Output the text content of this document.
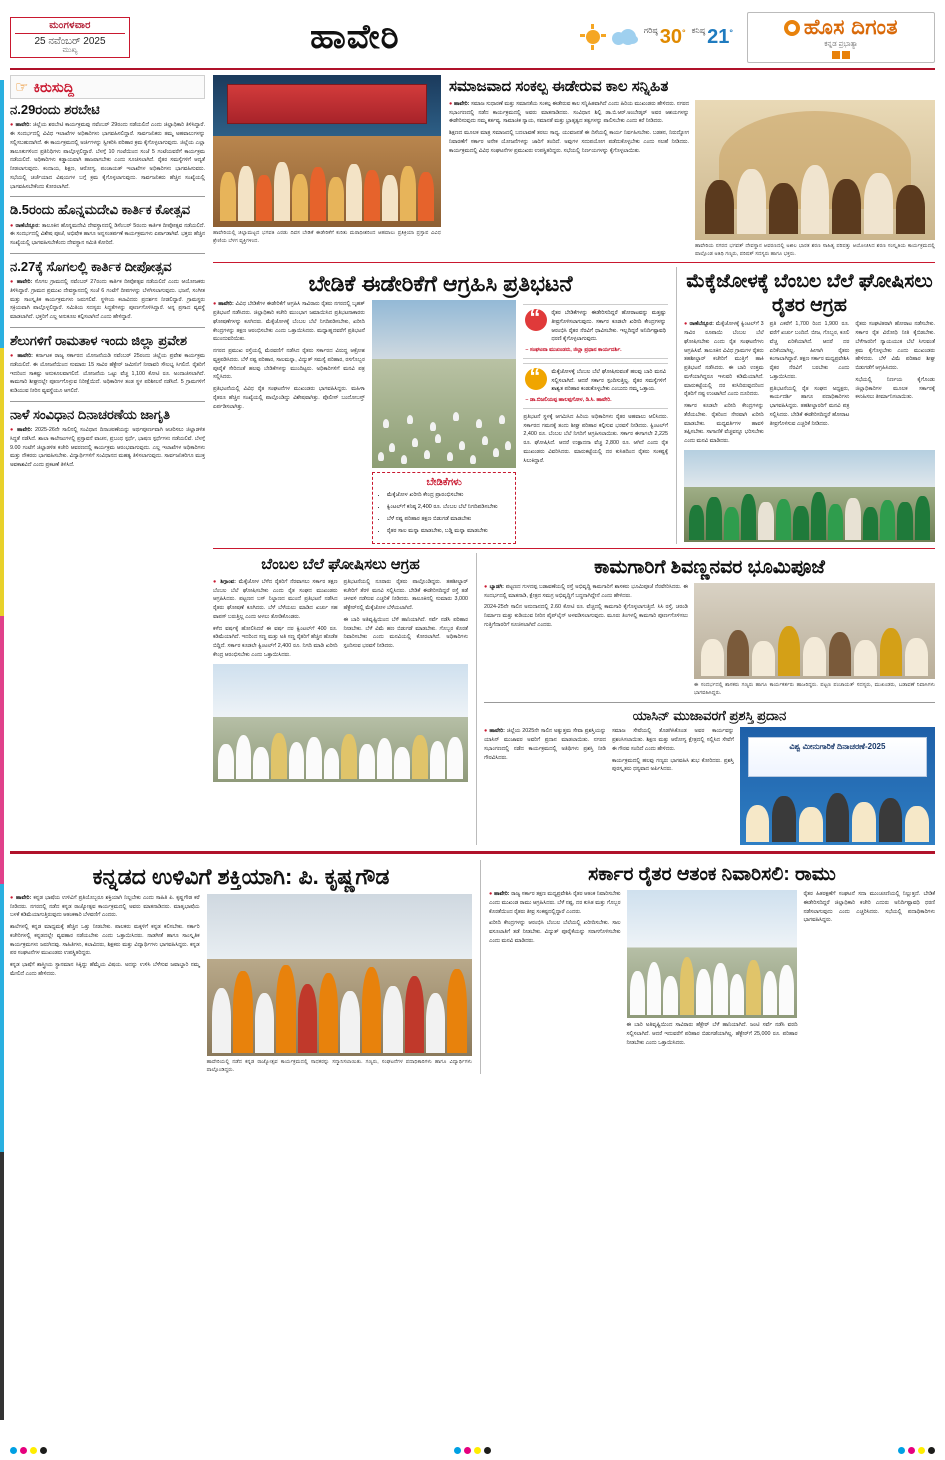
ಮಂಗಳವಾರ
25 ನವೆಂಬರ್ 2025
ಮುಖ್ಯ	ಹಾವೇರಿ	ಗರಿಷ್ಠ 30° ಕನಿಷ್ಠ 21°	ಹೊಸ ದಿಗಂತ
ಕನ್ನಡ ಪ್ರಭಾತ್ಯಾ
☞ ಕಿರುಸುದ್ದಿ
ನ.29ರಂದು ಶರಬೇಟಿ
● ಹಾವೇರಿ: ಜಿಲ್ಲೆಯ ಶರಬೇಟಿ ಕಾರ್ಯಕ್ರಮವು ನವೆಂಬರ್ 29ರಂದು ನಡೆಯಲಿದೆ ಎಂದು ಜಿಲ್ಲಾಧಿಕಾರಿ ತಿಳಿಸಿದ್ದಾರೆ. ಈ ಸಂದರ್ಭದಲ್ಲಿ ವಿವಿಧ ಇಲಾಖೆಗಳ ಅಧಿಕಾರಿಗಳು ಭಾಗವಹಿಸಲಿದ್ದಾರೆ. ಸಾರ್ವಜನಿಕರು ತಮ್ಮ ಅಹವಾಲುಗಳನ್ನು ಸಲ್ಲಿಸಬಹುದಾಗಿದೆ. ಈ ಕಾರ್ಯಕ್ರಮದಲ್ಲಿ ಅರ್ಜಿಗಳನ್ನು ಸ್ವೀಕರಿಸಿ ಪರಿಹಾರ ಕ್ರಮ ಕೈಗೊಳ್ಳಲಾಗುವುದು. ಜಿಲ್ಲೆಯ ಎಲ್ಲಾ ತಾಲೂಕುಗಳಿಂದ ಪ್ರತಿನಿಧಿಗಳು ಪಾಲ್ಗೊಳ್ಳಲಿದ್ದಾರೆ. ಬೆಳಗ್ಗೆ 10 ಗಂಟೆಯಿಂದ ಸಂಜೆ 5 ಗಂಟೆಯವರೆಗೆ ಕಾರ್ಯಕ್ರಮ ನಡೆಯಲಿದೆ. ಅಧಿಕಾರಿಗಳು ಕಡ್ಡಾಯವಾಗಿ ಹಾಜರಾಗಬೇಕು ಎಂದು ಸೂಚಿಸಲಾಗಿದೆ. ರೈತರ ಸಮಸ್ಯೆಗಳಿಗೆ ಆದ್ಯತೆ ನೀಡಲಾಗುವುದು. ಕಂದಾಯ, ಶಿಕ್ಷಣ, ಆರೋಗ್ಯ, ಪಂಚಾಯತ್ ಇಲಾಖೆಗಳ ಅಧಿಕಾರಿಗಳು ಭಾಗವಹಿಸುವರು. ಸಭೆಯಲ್ಲಿ ಚರ್ಚೆಯಾದ ವಿಷಯಗಳ ಬಗ್ಗೆ ಕ್ರಮ ಕೈಗೊಳ್ಳಲಾಗುವುದು. ಸಾರ್ವಜನಿಕರು ಹೆಚ್ಚಿನ ಸಂಖ್ಯೆಯಲ್ಲಿ ಭಾಗವಹಿಸಬೇಕೆಂದು ಕೋರಲಾಗಿದೆ.
ಡಿ.5ರಂದು ಹೊನ್ನಮದೇವಿ ಕಾರ್ತಿಕ ಕೋತ್ಸವ
● ರಾಣೆಬೆನ್ನೂರ: ತಾಲೂಕಿನ ಹೊನ್ನಮದೇವಿ ದೇವಸ್ಥಾನದಲ್ಲಿ ಡಿಸೆಂಬರ್ 5ರಂದು ಕಾರ್ತಿಕ ದೀಪೋತ್ಸವ ನಡೆಯಲಿದೆ. ಈ ಸಂದರ್ಭದಲ್ಲಿ ವಿಶೇಷ ಪೂಜೆ, ಅಭಿಷೇಕ ಹಾಗೂ ಅನ್ನಸಂತರ್ಪಣೆ ಕಾರ್ಯಕ್ರಮಗಳು ಏರ್ಪಾಡಾಗಿವೆ. ಭಕ್ತರು ಹೆಚ್ಚಿನ ಸಂಖ್ಯೆಯಲ್ಲಿ ಭಾಗವಹಿಸಬೇಕೆಂದು ದೇವಸ್ಥಾನ ಸಮಿತಿ ಕೋರಿದೆ.
ನ.27ಕ್ಕೆ ಸೊಗಲಲ್ಲಿ ಕಾರ್ತಿಕ ದೀಪೋತ್ಸವ
● ಹಾವೇರಿ: ಸೊಗಲ ಗ್ರಾಮದಲ್ಲಿ ನವೆಂಬರ್ 27ರಂದು ಕಾರ್ತಿಕ ದೀಪೋತ್ಸವ ನಡೆಯಲಿದೆ ಎಂದು ಆಯೋಜಕರು ತಿಳಿಸಿದ್ದಾರೆ. ಗ್ರಾಮದ ಪ್ರಮುಖ ದೇವಸ್ಥಾನದಲ್ಲಿ ಸಂಜೆ 6 ಗಂಟೆಗೆ ದೀಪಗಳನ್ನು ಬೆಳಗಿಸಲಾಗುವುದು. ಭಜನೆ, ಸಂಗೀತ ಮತ್ತು ಸಾಂಸ್ಕೃತಿಕ ಕಾರ್ಯಕ್ರಮಗಳು ಜರುಗಲಿವೆ. ಸ್ಥಳೀಯ ಕಲಾವಿದರು ಪ್ರದರ್ಶನ ನೀಡಲಿದ್ದಾರೆ. ಗ್ರಾಮಸ್ಥರು ಸಕ್ರಿಯವಾಗಿ ಪಾಲ್ಗೊಳ್ಳಲಿದ್ದಾರೆ. ಸಮಿತಿಯ ಸದಸ್ಯರು ಸಿದ್ಧತೆಗಳನ್ನು ಪೂರ್ಣಗೊಳಿಸಿದ್ದಾರೆ. ಅನ್ನ ಪ್ರಸಾದ ವ್ಯವಸ್ಥೆ ಮಾಡಲಾಗಿದೆ. ಭಕ್ತರಿಗೆ ಎಲ್ಲ ಅನುಕೂಲ ಕಲ್ಪಿಸಲಾಗಿದೆ ಎಂದು ಹೇಳಿದ್ದಾರೆ.
ಶೆಲುಗಳಿಗೆ ರಾಮತಾಳ ಇಂದು ಜಿಲ್ಲಾ ಪ್ರವೇಶ
● ಹಾವೇರಿ: ಕರ್ನಾಟಕ ರಾಜ್ಯ ಸರ್ಕಾರದ ಯೋಜನೆಯಡಿ ನವೆಂಬರ್ 25ರಂದು ಜಿಲ್ಲೆಯ ಪ್ರವೇಶ ಕಾರ್ಯಕ್ರಮ ನಡೆಯಲಿದೆ. ಈ ಯೋಜನೆಯಿಂದ ಸುಮಾರು 15 ಸಾವಿರ ಹೆಕ್ಟೇರ್ ಜಮೀನಿಗೆ ನೀರಾವರಿ ಸೌಲಭ್ಯ ಸಿಗಲಿದೆ. ರೈತರಿಗೆ ಇದರಿಂದ ಸಾಕಷ್ಟು ಅನುಕೂಲವಾಗಲಿದೆ. ಯೋಜನೆಯ ಒಟ್ಟು ವೆಚ್ಚ 1,100 ಕೋಟಿ ರೂ. ಅಂದಾಜಿಸಲಾಗಿದೆ. ಕಾಮಗಾರಿ ಶೀಘ್ರದಲ್ಲೇ ಪೂರ್ಣಗೊಳ್ಳುವ ನಿರೀಕ್ಷೆಯಿದೆ. ಅಧಿಕಾರಿಗಳ ತಂಡ ಸ್ಥಳ ಪರಿಶೀಲನೆ ನಡೆಸಿದೆ. 5 ಗ್ರಾಮಗಳಿಗೆ ಕುಡಿಯುವ ನೀರಿನ ವ್ಯವಸ್ಥೆಯೂ ಆಗಲಿದೆ.
ನಾಳೆ ಸಂವಿಧಾನ ದಿನಾಚರಣೆಯ ಜಾಗೃತಿ
● ಹಾವೇರಿ: 2025-26ನೇ ಸಾಲಿನಲ್ಲಿ ಸಂವಿಧಾನ ದಿನಾಚರಣೆಯನ್ನು ಅರ್ಥಪೂರ್ಣವಾಗಿ ಆಚರಿಸಲು ಜಿಲ್ಲಾಡಳಿತ ಸಿದ್ಧತೆ ನಡೆಸಿದೆ. ಶಾಲಾ ಕಾಲೇಜುಗಳಲ್ಲಿ ಪ್ರಸ್ತಾವನೆ ವಾಚನ, ಪ್ರಬಂಧ ಸ್ಪರ್ಧೆ, ಭಾಷಣ ಸ್ಪರ್ಧೆಗಳು ನಡೆಯಲಿವೆ. ಬೆಳಗ್ಗೆ 9.00 ಗಂಟೆಗೆ ಜಿಲ್ಲಾಡಳಿತ ಕಚೇರಿ ಆವರಣದಲ್ಲಿ ಕಾರ್ಯಕ್ರಮ ಆರಂಭವಾಗುವುದು. ಎಲ್ಲ ಇಲಾಖೆಗಳ ಅಧಿಕಾರಿಗಳು ಮತ್ತು ನೌಕರರು ಭಾಗವಹಿಸಬೇಕು. ವಿದ್ಯಾರ್ಥಿಗಳಿಗೆ ಸಂವಿಧಾನದ ಮಹತ್ವ ತಿಳಿಸಲಾಗುವುದು. ಸಾರ್ವಜನಿಕರಿಗೂ ಮುಕ್ತ ಅವಕಾಶವಿದೆ ಎಂದು ಪ್ರಕಟಣೆ ತಿಳಿಸಿದೆ.
ಹಾವೇರಿಯಲ್ಲಿ ಜಿಲ್ಲಾಮಟ್ಟದ ಭಗವತಿ ಎರಡು ದಿವಸ ಬೇಡಿಕೆ ಈಡೇರಿಕೆಗೆ ಕುರಿತು ಮಠಾಧೀಶರಿಂದ ಆಹವಾಲು ಪ್ರತಿಕ್ರಿಯಾ ಪ್ರಸ್ತಾಪ ವಿವಿಧ ಶ್ರೇಣಿಯ ಬೆಳಗ ವ್ಯಕ್ತಿಗಳಿಂದ.
ಸಮಾಜವಾದ ಸಂಕಲ್ಪ ಈಡೇರುವ ಕಾಲ ಸನ್ನಿಹಿತ
● ಹಾವೇರಿ: ಸಮಾಜ ಸುಧಾರಣೆ ಮತ್ತು ಸಮಾನತೆಯ ಸಂಕಲ್ಪ ಈಡೇರುವ ಕಾಲ ಸನ್ನಿಹಿತವಾಗಿದೆ ಎಂದು ಹಿರಿಯ ಮುಖಂಡರು ಹೇಳಿದರು. ನಗರದ ಸಭಾಂಗಣದಲ್ಲಿ ನಡೆದ ಕಾರ್ಯಕ್ರಮದಲ್ಲಿ ಅವರು ಮಾತನಾಡಿದರು. ಸಂವಿಧಾನ ಶಿಲ್ಪಿ ಡಾ.ಬಿ.ಆರ್.ಅಂಬೇಡ್ಕರ್ ಅವರ ಆಶಯಗಳನ್ನು ಈಡೇರಿಸುವುದು ನಮ್ಮ ಕರ್ತವ್ಯ. ಸಾಮಾಜಿಕ ನ್ಯಾಯ, ಸಮಾನತೆ ಮತ್ತು ಭ್ರಾತೃತ್ವದ ತತ್ವಗಳನ್ನು ಪಾಲಿಸಬೇಕು ಎಂದು ಕರೆ ನೀಡಿದರು.
ಶಿಕ್ಷಣದ ಮೂಲಕ ಮಾತ್ರ ಸಮಾಜದಲ್ಲಿ ಬದಲಾವಣೆ ತರಲು ಸಾಧ್ಯ. ಯುವಜನತೆ ಈ ದಿಸೆಯಲ್ಲಿ ಕಾರ್ಯ ನಿರ್ವಹಿಸಬೇಕು. ಬಡತನ, ನಿರುದ್ಯೋಗ ನಿವಾರಣೆಗೆ ಸರ್ಕಾರ ಅನೇಕ ಯೋಜನೆಗಳನ್ನು ಜಾರಿಗೆ ತಂದಿದೆ. ಅವುಗಳ ಸದುಪಯೋಗ ಪಡೆದುಕೊಳ್ಳಬೇಕು ಎಂದು ಸಲಹೆ ನೀಡಿದರು. ಕಾರ್ಯಕ್ರಮದಲ್ಲಿ ವಿವಿಧ ಸಂಘಟನೆಗಳ ಪ್ರಮುಖರು ಉಪಸ್ಥಿತರಿದ್ದರು. ಸಭೆಯಲ್ಲಿ ನಿರ್ಣಯಗಳನ್ನು ಕೈಗೊಳ್ಳಲಾಯಿತು.
ಹಾವೇರಿಯ ನಗರದ ಭಗವತ್ ದೇವಸ್ಥಾನ ಆವರಣದಲ್ಲಿ ಅಖಿಲ ಭಾರತ ಶರಣ ಸಾಹಿತ್ಯ ಪರಿಷತ್ತು ಆಯೋಜಿಸಿದ ಶರಣ ಸಂಸ್ಕೃತಿಯ ಕಾರ್ಯಕ್ರಮದಲ್ಲಿ ಪಾಲ್ಗೊಂಡ ಅತಿಥಿ ಗಣ್ಯರು, ಪರಿಷತ್ ಸದಸ್ಯರು ಹಾಗೂ ಭಕ್ತರು.
ಬೇಡಿಕೆ ಈಡೇರಿಕೆಗೆ ಆಗ್ರಹಿಸಿ ಪ್ರತಿಭಟನೆ
● ಹಾವೇರಿ: ವಿವಿಧ ಬೇಡಿಕೆಗಳ ಈಡೇರಿಕೆಗೆ ಆಗ್ರಹಿಸಿ ಸಾವಿರಾರು ರೈತರು ನಗರದಲ್ಲಿ ಬೃಹತ್ ಪ್ರತಿಭಟನೆ ನಡೆಸಿದರು. ಜಿಲ್ಲಾಧಿಕಾರಿ ಕಚೇರಿ ಮುಂಭಾಗ ಜಮಾಯಿಸಿದ ಪ್ರತಿಭಟನಾಕಾರರು ಘೋಷಣೆಗಳನ್ನು ಕೂಗಿದರು. ಮೆಕ್ಕೆಜೋಳಕ್ಕೆ ಬೆಂಬಲ ಬೆಲೆ ನಿಗದಿಪಡಿಸಬೇಕು, ಖರೀದಿ ಕೇಂದ್ರಗಳನ್ನು ತಕ್ಷಣ ಆರಂಭಿಸಬೇಕು ಎಂದು ಒತ್ತಾಯಿಸಿದರು. ಮಧ್ಯಾಹ್ನದವರೆಗೆ ಪ್ರತಿಭಟನೆ ಮುಂದುವರಿಯಿತು.
ನಗರದ ಪ್ರಮುಖ ರಸ್ತೆಯಲ್ಲಿ ಮೆರವಣಿಗೆ ನಡೆಸಿದ ರೈತರು ಸರ್ಕಾರದ ವಿರುದ್ಧ ಆಕ್ರೋಶ ವ್ಯಕ್ತಪಡಿಸಿದರು. ಬೆಳೆ ನಷ್ಟ ಪರಿಹಾರ, ಸಾಲಮನ್ನಾ, ವಿದ್ಯುತ್ ಸಮಸ್ಯೆ ಪರಿಹಾರ, ರಸಗೊಬ್ಬರ ಪೂರೈಕೆ ಸೇರಿದಂತೆ ಹಲವು ಬೇಡಿಕೆಗಳನ್ನು ಮುಂದಿಟ್ಟರು. ಅಧಿಕಾರಿಗಳಿಗೆ ಮನವಿ ಪತ್ರ ಸಲ್ಲಿಸಿದರು.
ಪ್ರತಿಭಟನೆಯಲ್ಲಿ ವಿವಿಧ ರೈತ ಸಂಘಟನೆಗಳ ಮುಖಂಡರು ಭಾಗವಹಿಸಿದ್ದರು. ಮಹಿಳಾ ರೈತರೂ ಹೆಚ್ಚಿನ ಸಂಖ್ಯೆಯಲ್ಲಿ ಪಾಲ್ಗೊಂಡಿದ್ದು ವಿಶೇಷವಾಗಿತ್ತು. ಪೊಲೀಸ್ ಬಂದೋಬಸ್ತ್ ಏರ್ಪಡಿಸಲಾಗಿತ್ತು.
ಬೇಡಿಕೆಗಳು
• ಮೆಕ್ಕೆಜೋಳ ಖರೀದಿ ಕೇಂದ್ರ ಪ್ರಾರಂಭಿಸಬೇಕು
• ಕ್ವಿಂಟಲ್‌ಗೆ ಕನಿಷ್ಠ 2,400 ರೂ. ಬೆಂಬಲ ಬೆಲೆ ನಿಗದಿಪಡಿಸಬೇಕು
• ಬೆಳೆ ನಷ್ಟ ಪರಿಹಾರ ತಕ್ಷಣ ಬಿಡುಗಡೆ ಮಾಡಬೇಕು
• ರೈತರ ಸಾಲ ಮನ್ನಾ ಮಾಡಬೇಕು, ಬಡ್ಡಿ ಮನ್ನಾ ಮಾಡಬೇಕು
“
ರೈತರ ಬೇಡಿಕೆಗಳನ್ನು ಈಡೇರಿಸದಿದ್ದರೆ ಹೋರಾಟವನ್ನು ಮತ್ತಷ್ಟು ತೀವ್ರಗೊಳಿಸಲಾಗುವುದು. ಸರ್ಕಾರ ಕೂಡಲೇ ಖರೀದಿ ಕೇಂದ್ರಗಳನ್ನು ಆರಂಭಿಸಿ ರೈತರ ನೆರವಿಗೆ ಧಾವಿಸಬೇಕು. ಇಲ್ಲದಿದ್ದರೆ ಅನಿರ್ದಿಷ್ಟಾವಧಿ ಧರಣಿ ಕೈಗೊಳ್ಳಲಾಗುವುದು.
– ಸಂಘಟನಾ ಮುಖಂಡರು, ಜಿಲ್ಲಾ ಪ್ರಧಾನ ಕಾರ್ಯದರ್ಶಿ.
“
ಮೆಕ್ಕೆಜೋಳಕ್ಕೆ ಬೆಂಬಲ ಬೆಲೆ ಘೋಷಿಸುವಂತೆ ಹಲವು ಬಾರಿ ಮನವಿ ಸಲ್ಲಿಸಲಾಗಿದೆ. ಆದರೆ ಸರ್ಕಾರ ಸ್ಪಂದಿಸುತ್ತಿಲ್ಲ. ರೈತರ ಸಮಸ್ಯೆಗಳಿಗೆ ಶಾಶ್ವತ ಪರಿಹಾರ ಕಂಡುಕೊಳ್ಳಬೇಕು ಎಂಬುದು ನಮ್ಮ ಒತ್ತಾಯ.
– ಡಾ.ಬಿಜಲಿಯಪ್ಪ ಹಾಲಪ್ಪಗೋಳ, ಡಿ.ಸಿ. ಹಾವೇರಿ.
ಪ್ರತಿಭಟನೆ ಸ್ಥಳಕ್ಕೆ ಆಗಮಿಸಿದ ಹಿರಿಯ ಅಧಿಕಾರಿಗಳು ರೈತರ ಅಹವಾಲು ಆಲಿಸಿದರು. ಸರ್ಕಾರದ ಗಮನಕ್ಕೆ ತಂದು ಶೀಘ್ರ ಪರಿಹಾರ ಕಲ್ಪಿಸುವ ಭರವಸೆ ನೀಡಿದರು. ಕ್ವಿಂಟಲ್‌ಗೆ 2,400 ರೂ. ಬೆಂಬಲ ಬೆಲೆ ನಿಗದಿಗೆ ಆಗ್ರಹಿಸಲಾಯಿತು. ಸರ್ಕಾರ ಈಗಾಗಲೇ 2,225 ರೂ. ಘೋಷಿಸಿದೆ. ಆದರೆ ಉತ್ಪಾದನಾ ವೆಚ್ಚ 2,800 ರೂ. ಆಗಿದೆ ಎಂದು ರೈತ ಮುಖಂಡರು ವಿವರಿಸಿದರು. ಮಾರುಕಟ್ಟೆಯಲ್ಲಿ ದರ ಕುಸಿತದಿಂದ ರೈತರು ಸಂಕಷ್ಟಕ್ಕೆ ಸಿಲುಕಿದ್ದಾರೆ.
ಮೆಕ್ಕೆಜೋಳಕ್ಕೆ ಬೆಂಬಲ ಬೆಲೆ ಘೋಷಿಸಲು ರೈತರ ಆಗ್ರಹ
● ರಾಣೆಬೆನ್ನೂರ: ಮೆಕ್ಕೆಜೋಳಕ್ಕೆ ಕ್ವಿಂಟಲ್‌ಗೆ 3 ಸಾವಿರ ರೂಪಾಯಿ ಬೆಂಬಲ ಬೆಲೆ ಘೋಷಿಸಬೇಕು ಎಂದು ರೈತ ಸಂಘಟನೆಗಳು ಆಗ್ರಹಿಸಿವೆ. ತಾಲೂಕಿನ ವಿವಿಧ ಗ್ರಾಮಗಳ ರೈತರು ತಹಶೀಲ್ದಾರ್ ಕಚೇರಿಗೆ ಮುತ್ತಿಗೆ ಹಾಕಿ ಪ್ರತಿಭಟನೆ ನಡೆಸಿದರು. ಈ ಬಾರಿ ಉತ್ತಮ ಮಳೆಯಾಗಿದ್ದರೂ ಇಳುವರಿ ಕಡಿಮೆಯಾಗಿದೆ. ಮಾರುಕಟ್ಟೆಯಲ್ಲಿ ದರ ಕುಸಿದಿರುವುದರಿಂದ ರೈತರಿಗೆ ನಷ್ಟ ಉಂಟಾಗಿದೆ ಎಂದು ದೂರಿದರು.
ಸರ್ಕಾರ ಕೂಡಲೇ ಖರೀದಿ ಕೇಂದ್ರಗಳನ್ನು ತೆರೆಯಬೇಕು. ರೈತರಿಂದ ನೇರವಾಗಿ ಖರೀದಿ ಮಾಡಬೇಕು. ಮಧ್ಯವರ್ತಿಗಳ ಹಾವಳಿ ತಪ್ಪಿಸಬೇಕು. ಸಾಗಾಣಿಕೆ ವೆಚ್ಚವನ್ನೂ ಭರಿಸಬೇಕು ಎಂದು ಮನವಿ ಮಾಡಿದರು.
ಪ್ರತಿ ಎಕರೆಗೆ 1,700 ರಿಂದ 1,900 ರೂ. ವರೆಗೆ ಖರ್ಚು ಬಂದಿದೆ. ಬೀಜ, ಗೊಬ್ಬರ, ಕೂಲಿ ವೆಚ್ಚ ಏರಿಕೆಯಾಗಿದೆ. ಆದರೆ ದರ ಏರಿಕೆಯಾಗಿಲ್ಲ. ಹೀಗಾಗಿ ರೈತರು ಕಂಗಾಲಾಗಿದ್ದಾರೆ. ತಕ್ಷಣ ಸರ್ಕಾರ ಮಧ್ಯಪ್ರವೇಶಿಸಿ ರೈತರ ನೆರವಿಗೆ ಬರಬೇಕು ಎಂದು ಒತ್ತಾಯಿಸಿದರು.
ಪ್ರತಿಭಟನೆಯಲ್ಲಿ ರೈತ ಸಂಘದ ಅಧ್ಯಕ್ಷರು, ಕಾರ್ಯದರ್ಶಿ ಹಾಗೂ ಪದಾಧಿಕಾರಿಗಳು ಭಾಗವಹಿಸಿದ್ದರು. ತಹಶೀಲ್ದಾರರಿಗೆ ಮನವಿ ಪತ್ರ ಸಲ್ಲಿಸಿದರು. ಬೇಡಿಕೆ ಈಡೇರಿಸದಿದ್ದರೆ ಹೋರಾಟ ತೀವ್ರಗೊಳಿಸುವ ಎಚ್ಚರಿಕೆ ನೀಡಿದರು.
ರೈತರು ಸಂಘಟಿತರಾಗಿ ಹೋರಾಟ ನಡೆಸಬೇಕು. ಸರ್ಕಾರ ರೈತ ವಿರೋಧಿ ನೀತಿ ಕೈಬಿಡಬೇಕು. ಬೆಳೆಗಾರರಿಗೆ ನ್ಯಾಯಯುತ ಬೆಲೆ ಸಿಗುವಂತೆ ಕ್ರಮ ಕೈಗೊಳ್ಳಬೇಕು ಎಂದು ಮುಖಂಡರು ಹೇಳಿದರು. ಬೆಳೆ ವಿಮೆ ಪರಿಹಾರ ಶೀಘ್ರ ಬಿಡುಗಡೆಗೆ ಆಗ್ರಹಿಸಿದರು.
ಸಭೆಯಲ್ಲಿ ನಿರ್ಣಯ ಕೈಗೊಂಡು ಜಿಲ್ಲಾಧಿಕಾರಿಗಳ ಮೂಲಕ ಸರ್ಕಾರಕ್ಕೆ ಕಳುಹಿಸಲು ತೀರ್ಮಾನಿಸಲಾಯಿತು.
ಬೆಂಬಲ ಬೆಲೆ ಘೋಷಿಸಲು ಆಗ್ರಹ
● ಶಿಗ್ಗಾಂವ: ಮೆಕ್ಕೆಜೋಳ ಬೆಳೆದ ರೈತರಿಗೆ ನೆರವಾಗಲು ಸರ್ಕಾರ ತಕ್ಷಣ ಬೆಂಬಲ ಬೆಲೆ ಘೋಷಿಸಬೇಕು ಎಂದು ರೈತ ಸಂಘದ ಮುಖಂಡರು ಆಗ್ರಹಿಸಿದರು. ಪಟ್ಟಣದ ಬಸ್ ನಿಲ್ದಾಣದ ಮುಂದೆ ಪ್ರತಿಭಟನೆ ನಡೆಸಿದ ರೈತರು ಘೋಷಣೆ ಕೂಗಿದರು. ಬೆಳೆ ಬೆಳೆಯಲು ಮಾಡಿದ ಖರ್ಚು ಸಹ ವಾಪಸ್ ಬರುತ್ತಿಲ್ಲ ಎಂದು ಅಳಲು ತೋಡಿಕೊಂಡರು.
ಕಳೆದ ವರ್ಷಕ್ಕೆ ಹೋಲಿಸಿದರೆ ಈ ವರ್ಷ ದರ ಕ್ವಿಂಟಲ್‌ಗೆ 400 ರೂ. ಕಡಿಮೆಯಾಗಿದೆ. ಇದರಿಂದ ಸಣ್ಣ ಮತ್ತು ಅತಿ ಸಣ್ಣ ರೈತರಿಗೆ ಹೆಚ್ಚಿನ ಹೊಡೆತ ಬಿದ್ದಿದೆ. ಸರ್ಕಾರ ಕೂಡಲೇ ಕ್ವಿಂಟಲ್‌ಗೆ 2,400 ರೂ. ನಿಗದಿ ಮಾಡಿ ಖರೀದಿ ಕೇಂದ್ರ ಆರಂಭಿಸಬೇಕು ಎಂದು ಒತ್ತಾಯಿಸಿದರು.
ಪ್ರತಿಭಟನೆಯಲ್ಲಿ ನೂರಾರು ರೈತರು ಪಾಲ್ಗೊಂಡಿದ್ದರು. ತಹಶೀಲ್ದಾರ್ ಕಚೇರಿಗೆ ತೆರಳಿ ಮನವಿ ಸಲ್ಲಿಸಿದರು. ಬೇಡಿಕೆ ಈಡೇರಿಸದಿದ್ದರೆ ರಸ್ತೆ ತಡೆ ಚಳವಳಿ ನಡೆಸುವ ಎಚ್ಚರಿಕೆ ನೀಡಿದರು. ತಾಲೂಕಿನಲ್ಲಿ ಸುಮಾರು 3,000 ಹೆಕ್ಟೇರ್‌ನಲ್ಲಿ ಮೆಕ್ಕೆಜೋಳ ಬೆಳೆಯಲಾಗಿದೆ.
ಈ ಬಾರಿ ಅತಿವೃಷ್ಟಿಯಿಂದ ಬೆಳೆ ಹಾನಿಯಾಗಿದೆ. ಸರ್ವೆ ನಡೆಸಿ ಪರಿಹಾರ ನೀಡಬೇಕು. ಬೆಳೆ ವಿಮೆ ಹಣ ಬಿಡುಗಡೆ ಮಾಡಬೇಕು. ಗೊಬ್ಬರ ಕೊರತೆ ನಿವಾರಿಸಬೇಕು ಎಂದು ಮನವಿಯಲ್ಲಿ ಕೋರಲಾಗಿದೆ. ಅಧಿಕಾರಿಗಳು ಸ್ಪಂದಿಸುವ ಭರವಸೆ ನೀಡಿದರು.
ಕಾಮಗಾರಿಗೆ ಶಿವಣ್ಣನವರ ಭೂಮಿಪೂಜೆ
● ಬ್ಯಾಡಗಿ: ಪಟ್ಟಣದ ಗುಳದಪ್ಪ ಬಡಾವಣೆಯಲ್ಲಿ ರಸ್ತೆ ಅಭಿವೃದ್ಧಿ ಕಾಮಗಾರಿಗೆ ಶಾಸಕರು ಭೂಮಿಪೂಜೆ ನೆರವೇರಿಸಿದರು. ಈ ಸಂದರ್ಭದಲ್ಲಿ ಮಾತನಾಡಿ, ಕ್ಷೇತ್ರದ ಸಮಗ್ರ ಅಭಿವೃದ್ಧಿಗೆ ಬದ್ಧನಾಗಿದ್ದೇನೆ ಎಂದು ಹೇಳಿದರು.
2024-25ನೇ ಸಾಲಿನ ಅನುದಾನದಲ್ಲಿ 2.60 ಕೋಟಿ ರೂ. ವೆಚ್ಚದಲ್ಲಿ ಕಾಮಗಾರಿ ಕೈಗೊಳ್ಳಲಾಗುತ್ತಿದೆ. ಸಿಸಿ ರಸ್ತೆ, ಚರಂಡಿ ನಿರ್ಮಾಣ ಮತ್ತು ಕುಡಿಯುವ ನೀರಿನ ಪೈಪ್‌ಲೈನ್ ಅಳವಡಿಸಲಾಗುವುದು. ಮೂರು ತಿಂಗಳಲ್ಲಿ ಕಾಮಗಾರಿ ಪೂರ್ಣಗೊಳಿಸಲು ಗುತ್ತಿಗೆದಾರರಿಗೆ ಸೂಚಿಸಲಾಗಿದೆ ಎಂದರು.
ಈ ಸಂದರ್ಭದಲ್ಲಿ ಶಾಸಕರು ಗಣ್ಯರು ಹಾಗೂ ಕಾರ್ಯಕರ್ತರು ಹಾಜರಿದ್ದರು. ಪಟ್ಟಣ ಪಂಚಾಯತ್ ಸದಸ್ಯರು, ಮುಖಂಡರು, ಬಡಾವಣೆ ನಿವಾಸಿಗಳು ಭಾಗವಹಿಸಿದ್ದರು.
ಯಾಸಿನ್ ಮುಜಾವರಗೆ ಪ್ರಶಸ್ತಿ ಪ್ರದಾನ
● ಹಾವೇರಿ: ಜಿಲ್ಲೆಯ 2025ನೇ ಸಾಲಿನ ಅತ್ಯುತ್ತಮ ಸೇವಾ ಪ್ರಶಸ್ತಿಯನ್ನು ಯಾಸಿನ್ ಮುಜಾವರ ಅವರಿಗೆ ಪ್ರದಾನ ಮಾಡಲಾಯಿತು. ನಗರದ ಸಭಾಂಗಣದಲ್ಲಿ ನಡೆದ ಕಾರ್ಯಕ್ರಮದಲ್ಲಿ ಅತಿಥಿಗಳು ಪ್ರಶಸ್ತಿ ನೀಡಿ ಗೌರವಿಸಿದರು.
ಸಮಾಜ ಸೇವೆಯಲ್ಲಿ ತೊಡಗಿಸಿಕೊಂಡ ಅವರ ಕಾರ್ಯವನ್ನು ಪ್ರಶಂಸಿಸಲಾಯಿತು. ಶಿಕ್ಷಣ ಮತ್ತು ಆರೋಗ್ಯ ಕ್ಷೇತ್ರದಲ್ಲಿ ಸಲ್ಲಿಸಿದ ಸೇವೆಗೆ ಈ ಗೌರವ ಸಂದಿದೆ ಎಂದು ಹೇಳಿದರು.
ಕಾರ್ಯಕ್ರಮದಲ್ಲಿ ಹಲವು ಗಣ್ಯರು ಭಾಗವಹಿಸಿ ಶುಭ ಕೋರಿದರು. ಪ್ರಶಸ್ತಿ ಪುರಸ್ಕೃತರು ಧನ್ಯವಾದ ಅರ್ಪಿಸಿದರು.
ವಿಶ್ವ ಮೀನುಗಾರಿಕೆ ದಿನಾಚರಣೆ-2025
ಕನ್ನಡದ ಉಳಿವಿಗೆ ಶಕ್ತಿಯಾಗಿ: ಪಿ. ಕೃಷ್ಣಗೌಡ
● ಹಾವೇರಿ: ಕನ್ನಡ ಭಾಷೆಯ ಉಳಿವಿಗೆ ಪ್ರತಿಯೊಬ್ಬರೂ ಶಕ್ತಿಯಾಗಿ ನಿಲ್ಲಬೇಕು ಎಂದು ಸಾಹಿತಿ ಪಿ. ಕೃಷ್ಣಗೌಡ ಕರೆ ನೀಡಿದರು. ನಗರದಲ್ಲಿ ನಡೆದ ಕನ್ನಡ ರಾಜ್ಯೋತ್ಸವ ಕಾರ್ಯಕ್ರಮದಲ್ಲಿ ಅವರು ಮಾತನಾಡಿದರು. ಮಾತೃಭಾಷೆಯ ಬಳಕೆ ಕಡಿಮೆಯಾಗುತ್ತಿರುವುದು ಆತಂಕಕಾರಿ ಬೆಳವಣಿಗೆ ಎಂದರು.
ಶಾಲೆಗಳಲ್ಲಿ ಕನ್ನಡ ಮಾಧ್ಯಮಕ್ಕೆ ಹೆಚ್ಚಿನ ಒತ್ತು ನೀಡಬೇಕು. ಪಾಲಕರು ಮಕ್ಕಳಿಗೆ ಕನ್ನಡ ಕಲಿಸಬೇಕು. ಸರ್ಕಾರಿ ಕಚೇರಿಗಳಲ್ಲಿ ಕನ್ನಡದಲ್ಲೇ ವ್ಯವಹಾರ ನಡೆಯಬೇಕು ಎಂದು ಒತ್ತಾಯಿಸಿದರು. ನಾಡಗೀತೆ ಹಾಗೂ ಸಾಂಸ್ಕೃತಿಕ ಕಾರ್ಯಕ್ರಮಗಳು ಜರುಗಿದವು. ಸಾಹಿತಿಗಳು, ಕಲಾವಿದರು, ಶಿಕ್ಷಕರು ಮತ್ತು ವಿದ್ಯಾರ್ಥಿಗಳು ಭಾಗವಹಿಸಿದ್ದರು. ಕನ್ನಡ ಪರ ಸಂಘಟನೆಗಳ ಮುಖಂಡರು ಉಪಸ್ಥಿತರಿದ್ದರು.
ಕನ್ನಡ ಭಾಷೆಗೆ ಶಾಸ್ತ್ರೀಯ ಸ್ಥಾನಮಾನ ಸಿಕ್ಕಿದ್ದು ಹೆಮ್ಮೆಯ ವಿಷಯ. ಅದನ್ನು ಉಳಿಸಿ ಬೆಳೆಸುವ ಜವಾಬ್ದಾರಿ ನಮ್ಮ ಮೇಲಿದೆ ಎಂದು ಹೇಳಿದರು.
ಹಾವೇರಿಯಲ್ಲಿ ನಡೆದ ಕನ್ನಡ ರಾಜ್ಯೋತ್ಸವ ಕಾರ್ಯಕ್ರಮದಲ್ಲಿ ಸಾಧಕರನ್ನು ಸನ್ಮಾನಿಸಲಾಯಿತು. ಗಣ್ಯರು, ಸಂಘಟನೆಗಳ ಪದಾಧಿಕಾರಿಗಳು ಹಾಗೂ ವಿದ್ಯಾರ್ಥಿಗಳು ಪಾಲ್ಗೊಂಡಿದ್ದರು.
ಸರ್ಕಾರ ರೈತರ ಆತಂಕ ನಿವಾರಿಸಲಿ: ರಾಮು
● ಹಾವೇರಿ: ರಾಜ್ಯ ಸರ್ಕಾರ ತಕ್ಷಣ ಮಧ್ಯಪ್ರವೇಶಿಸಿ ರೈತರ ಆತಂಕ ನಿವಾರಿಸಬೇಕು ಎಂದು ಮುಖಂಡ ರಾಮು ಆಗ್ರಹಿಸಿದರು. ಬೆಳೆ ನಷ್ಟ, ದರ ಕುಸಿತ ಮತ್ತು ಗೊಬ್ಬರ ಕೊರತೆಯಿಂದ ರೈತರು ತೀವ್ರ ಸಂಕಷ್ಟದಲ್ಲಿದ್ದಾರೆ ಎಂದರು.
ಖರೀದಿ ಕೇಂದ್ರಗಳನ್ನು ಆರಂಭಿಸಿ ಬೆಂಬಲ ಬೆಲೆಯಲ್ಲಿ ಖರೀದಿಸಬೇಕು. ಸಾಲ ವಸೂಲಾತಿಗೆ ತಡೆ ನೀಡಬೇಕು. ವಿದ್ಯುತ್ ಪೂರೈಕೆಯನ್ನು ಸರಾಗಗೊಳಿಸಬೇಕು ಎಂದು ಮನವಿ ಮಾಡಿದರು.
ಈ ಬಾರಿ ಅತಿವೃಷ್ಟಿಯಿಂದ ಸಾವಿರಾರು ಹೆಕ್ಟೇರ್ ಬೆಳೆ ಹಾನಿಯಾಗಿದೆ. ಜಂಟಿ ಸರ್ವೆ ನಡೆಸಿ ವರದಿ ಸಲ್ಲಿಸಲಾಗಿದೆ. ಆದರೆ ಇದುವರೆಗೆ ಪರಿಹಾರ ಬಿಡುಗಡೆಯಾಗಿಲ್ಲ. ಹೆಕ್ಟೇರ್‌ಗೆ 25,000 ರೂ. ಪರಿಹಾರ ನೀಡಬೇಕು ಎಂದು ಒತ್ತಾಯಿಸಿದರು.
ರೈತರ ಹಿತರಕ್ಷಣೆಗೆ ಸಂಘಟನೆ ಸದಾ ಮುಂಚೂಣಿಯಲ್ಲಿ ನಿಲ್ಲುತ್ತದೆ. ಬೇಡಿಕೆ ಈಡೇರಿಸದಿದ್ದರೆ ಜಿಲ್ಲಾಧಿಕಾರಿ ಕಚೇರಿ ಎದುರು ಅನಿರ್ದಿಷ್ಟಾವಧಿ ಧರಣಿ ನಡೆಸಲಾಗುವುದು ಎಂದು ಎಚ್ಚರಿಸಿದರು. ಸಭೆಯಲ್ಲಿ ಪದಾಧಿಕಾರಿಗಳು ಭಾಗವಹಿಸಿದ್ದರು.
